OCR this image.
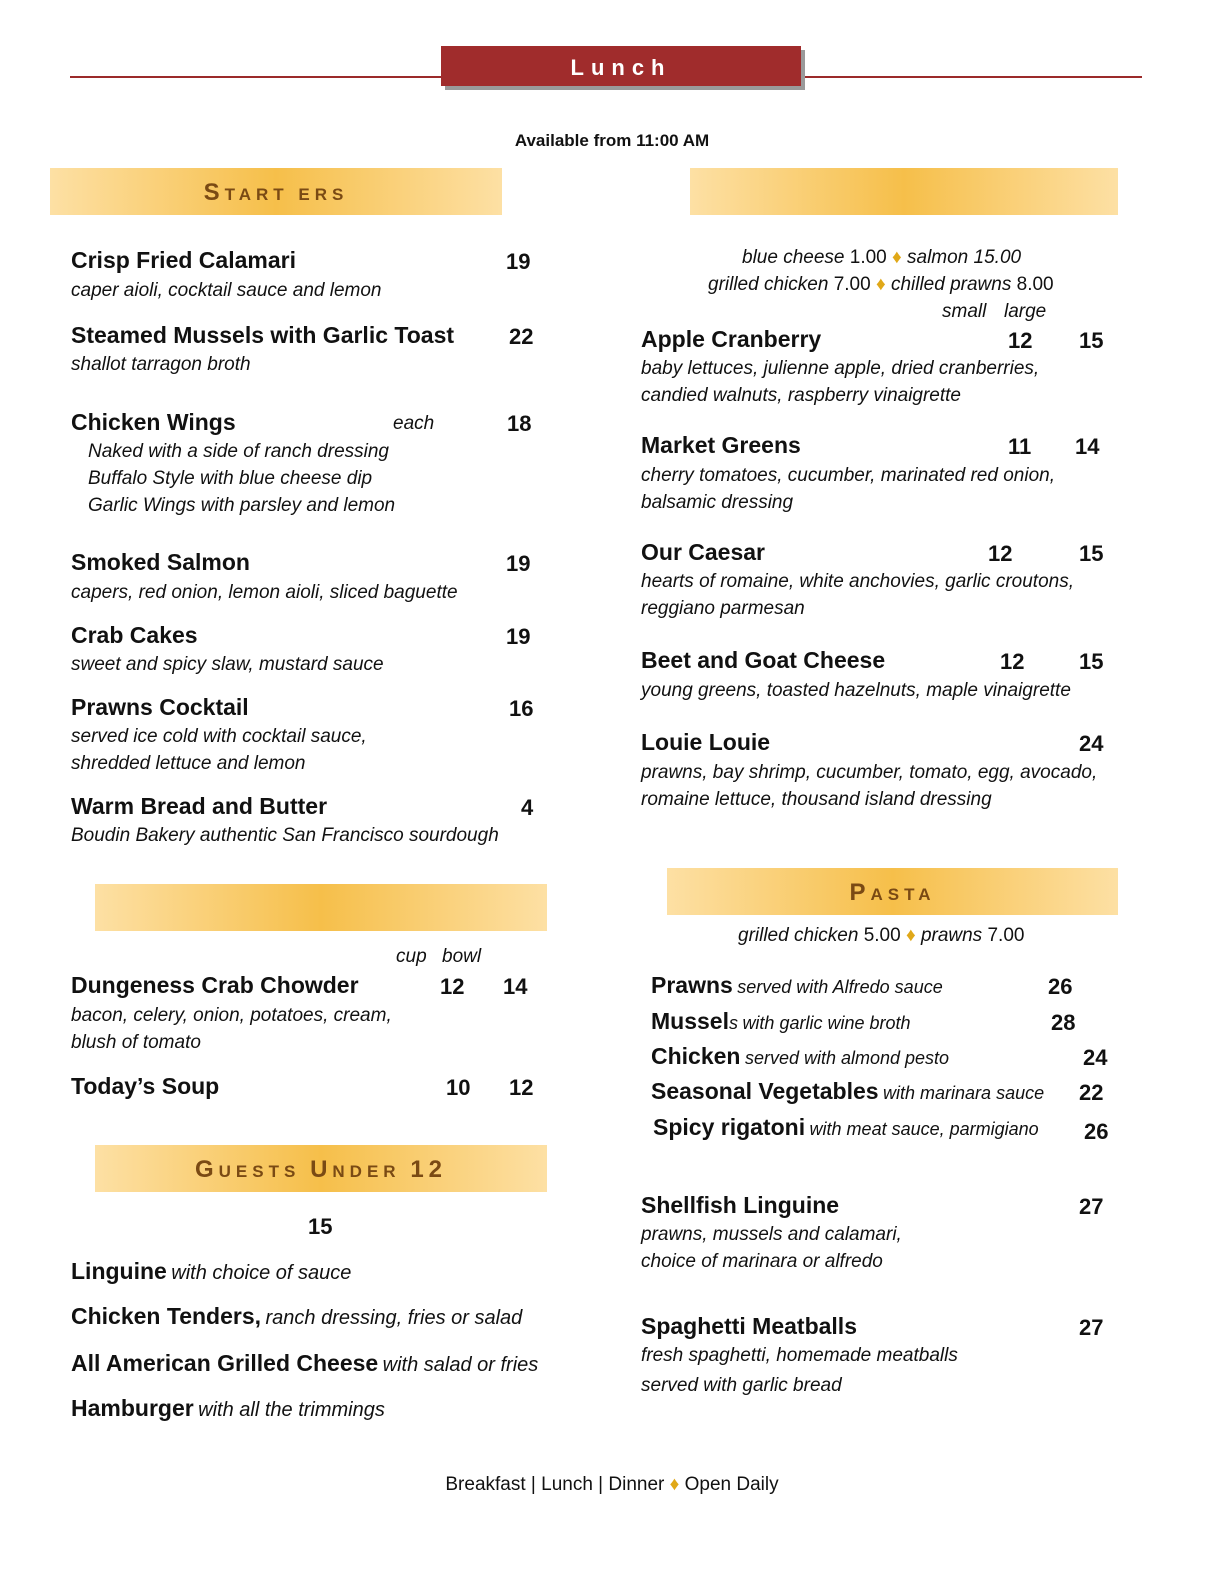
Lunch
Available from 11:00 AM
START ERS
Crisp Fried Calamari	19
caper aioli, cocktail sauce and lemon
Steamed Mussels with Garlic Toast 22
shallot tarragon broth
Chicken Wings	each	18
Naked with a side of ranch dressing
Buffalo Style with blue cheese dip
Garlic Wings with parsley and lemon
Smoked Salmon	19
capers, red onion, lemon aioli, sliced baguette
Crab Cakes	19
sweet and spicy slaw, mustard sauce
Prawns Cocktail	16
served ice cold with cocktail sauce,
shredded lettuce and lemon
Warm Bread and Butter	4
Boudin Bakery authentic San Francisco sourdough
cup bowl
Dungeness Crab Chowder	12 14
bacon, celery, onion, potatoes, cream,
blush of tomato
Today’s Soup	10 12
GUESTS UNDER 12
15
Linguine with choice of sauce
Chicken Tenders, ranch dressing, fries or salad
All American Grilled Cheese with salad or fries
Hamburger with all the trimmings
blue cheese 1.00 ♦ salmon 15.00
grilled chicken 7.00 ♦ chilled prawns 8.00
small large
Apple Cranberry	12 15
baby lettuces, julienne apple, dried cranberries,
candied walnuts, raspberry vinaigrette
Market Greens	11 14
cherry tomatoes, cucumber, marinated red onion,
balsamic dressing
Our Caesar	12	15
hearts of romaine, white anchovies, garlic croutons,
reggiano parmesan
Beet and Goat Cheese	12 15
young greens, toasted hazelnuts, maple vinaigrette
Louie Louie	24
prawns, bay shrimp, cucumber, tomato, egg, avocado,
romaine lettuce, thousand island dressing
PASTA
grilled chicken 5.00 ♦ prawns 7.00
Prawns served with Alfredo sauce	26
Mussels with garlic wine broth	28
Chicken served with almond pesto	24
Seasonal Vegetables with marinara sauce 22
Spicy rigatoni with meat sauce, parmigiano 26
Shellfish Linguine	27
prawns, mussels and calamari,
choice of marinara or alfredo
Spaghetti Meatballs	27
fresh spaghetti, homemade meatballs
served with garlic bread
Breakfast | Lunch | Dinner ♦ Open Daily
